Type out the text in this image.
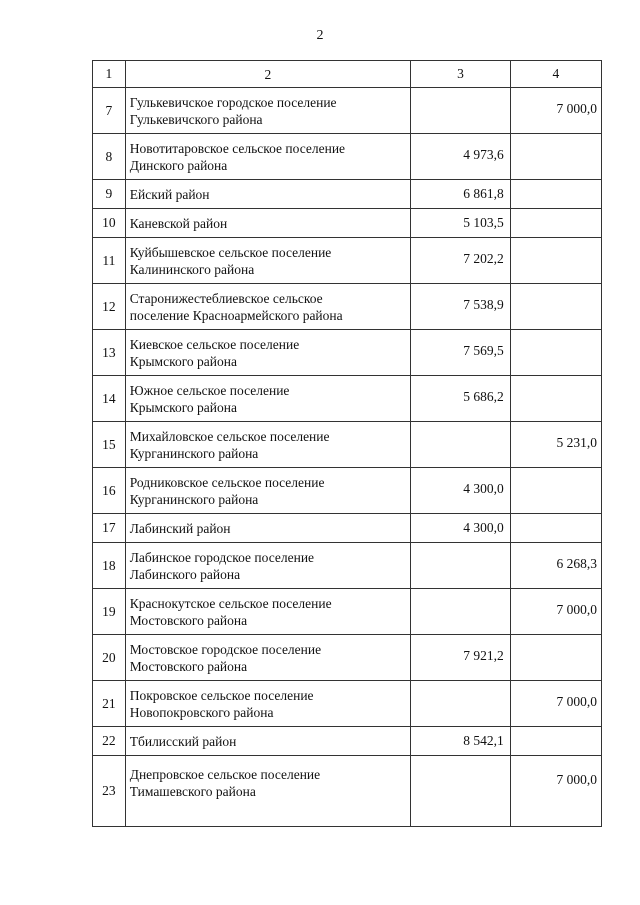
2
1	2	3	4
7	Гулькевичское городское поселение
Гулькевичского района		7 000,0

8	Новотитаровское сельское поселение
Динского района	4 973,6	

9	Ейский район	6 861,8	

10	Каневской район	5 103,5	

11	Куйбышевское сельское поселение
Калининского района	7 202,2	

12	Старонижестеблиевское сельское
поселение Красноармейского района	7 538,9	

13	Киевское сельское поселение
Крымского района	7 569,5	

14	Южное сельское поселение
Крымского района	5 686,2	

15	Михайловское сельское поселение
Курганинского района		5 231,0

16	Родниковское сельское поселение
Курганинского района	4 300,0	

17	Лабинский район	4 300,0	

18	Лабинское городское поселение
Лабинского района		6 268,3

19	Краснокутское сельское поселение
Мостовского района		7 000,0

20	Мостовское городское поселение
Мостовского района	7 921,2	

21	Покровское сельское поселение
Новопокровского района		7 000,0

22	Тбилисский район	8 542,1	

23	Днепровское сельское поселение
Тимашевского района		7 000,0
